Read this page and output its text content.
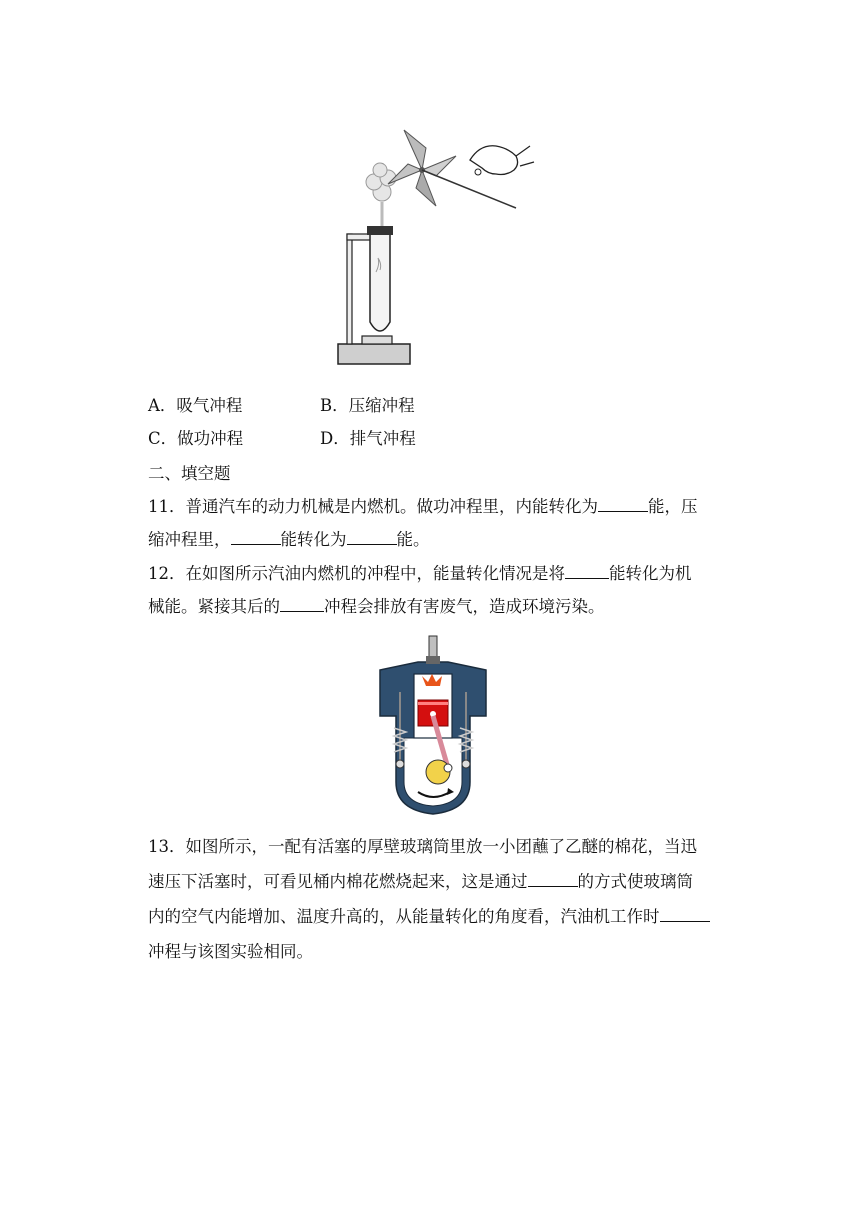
A．吸气冲程	B．压缩冲程
C．做功冲程	D．排气冲程
二、填空题
11．普通汽车的动力机械是内燃机。做功冲程里，内能转化为	能，压
缩冲程里，	能转化为	能。
12．在如图所示汽油内燃机的冲程中，能量转化情况是将	能转化为机
械能。紧接其后的	冲程会排放有害废气，造成环境污染。
13．如图所示，一配有活塞的厚壁玻璃筒里放一小团蘸了乙醚的棉花，当迅
速压下活塞时，可看见桶内棉花燃烧起来，这是通过	的方式使玻璃筒
内的空气内能增加、温度升高的，从能量转化的角度看，汽油机工作时
冲程与该图实验相同。
